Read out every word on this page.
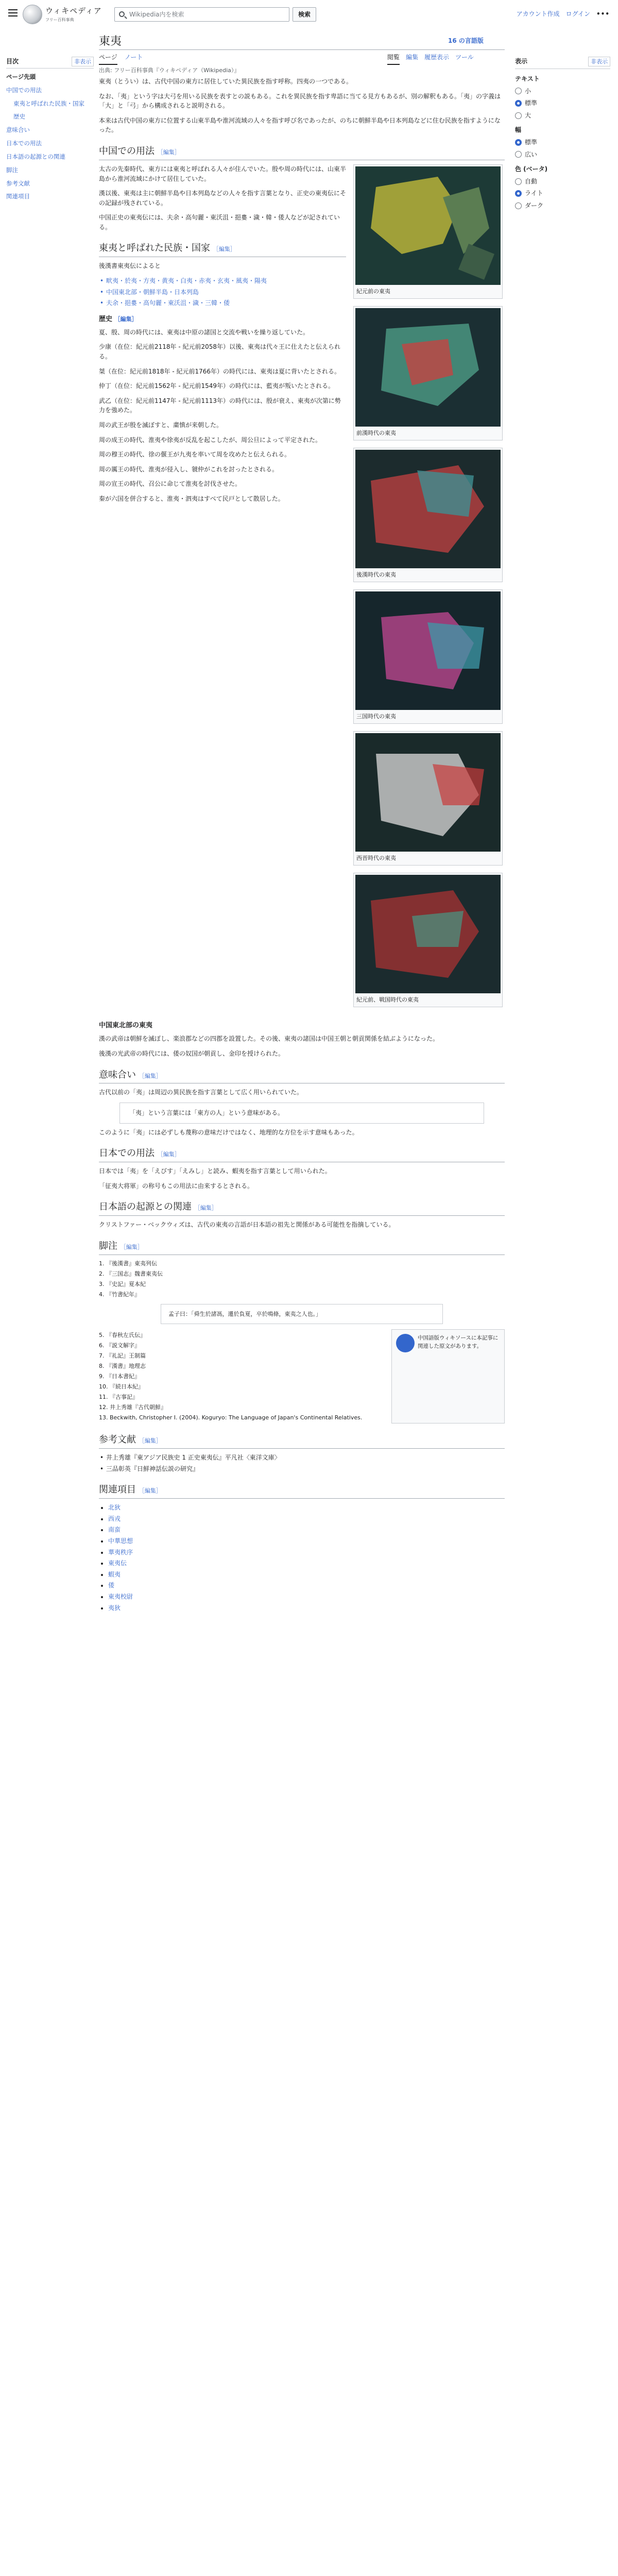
ウィキペディア
フリー百科事典
Wikipedia内を検索	検索	アカウント作成 ログイン •••
東夷	16 の言語版
ページ ノート	閲覧 編集 履歴表示 ツール
目次	非表示
ページ先頭
中国での用法
東夷と呼ばれた民族・国家
歴史
意味合い
日本での用法
日本語の起源との関連
脚注
参考文献
関連項目
表示	非表示
テキスト
小
標準
大
幅
標準
広い
色 (ベータ)
自動
ライト
ダーク
出典: フリー百科事典『ウィキペディア（Wikipedia）』

東夷（とうい）は、古代中国の東方に居住していた異民族を指す呼称。四夷の一つである。

なお、「夷」という字は大弓を用いる民族を表すとの説もある。これを異民族を指す卑語に当てる見方もあるが、別の解釈もある。「夷」の字義は「大」と「弓」から構成されると説明される。

本来は古代中国の東方に位置する山東半島や淮河流域の人々を指す呼び名であったが、のちに朝鮮半島や日本列島などに住む民族を指すようになった。

中国での用法 ［編集］

太古の先秦時代、東方には東夷と呼ばれる人々が住んでいた。殷や周の時代には、山東半島から淮河流域にかけて居住していた。

漢以後、東夷は主に朝鮮半島や日本列島などの人々を指す言葉となり、正史の東夷伝にその記録が残されている。

中国正史の東夷伝には、夫余・高句麗・東沃沮・挹婁・濊・韓・倭人などが記されている。

東夷と呼ばれた民族・国家 ［編集］

後漢書東夷伝によると

• 畎夷・於夷・方夷・黄夷・白夷・赤夷・玄夷・風夷・陽夷
• 中国東北部・朝鮮半島・日本列島
• 夫余・挹婁・高句麗・東沃沮・濊・三韓・倭
歴史 ［編集］

夏、殷、周の時代には、東夷は中原の諸国と交流や戦いを繰り返していた。

少康（在位：紀元前2118年 - 紀元前2058年）以後、東夷は代々王に仕えたと伝えられる。

桀（在位：紀元前1818年 - 紀元前1766年）の時代には、東夷は夏に背いたとされる。

仲丁（在位：紀元前1562年 - 紀元前1549年）の時代には、藍夷が叛いたとされる。

武乙（在位：紀元前1147年 - 紀元前1113年）の時代には、殷が衰え、東夷が次第に勢力を強めた。

周の武王が殷を滅ぼすと、粛慎が来朝した。

周の成王の時代、淮夷や徐夷が反乱を起こしたが、周公旦によって平定された。

周の穆王の時代、徐の偃王が九夷を率いて周を攻めたと伝えられる。

周の厲王の時代、淮夷が侵入し、虢仲がこれを討ったとされる。

周の宣王の時代、召公に命じて淮夷を討伐させた。

秦が六国を併合すると、淮夷・泗夷はすべて民戸として散居した。

紀元前の東夷
前漢時代の東夷
後漢時代の東夷
三国時代の東夷
西晋時代の東夷
紀元前、戦国時代の東夷
中国東北部の東夷

漢の武帝は朝鮮を滅ぼし、楽浪郡などの四郡を設置した。その後、東夷の諸国は中国王朝と朝貢関係を結ぶようになった。

後漢の光武帝の時代には、倭の奴国が朝貢し、金印を授けられた。

意味合い ［編集］

古代以前の「夷」は周辺の異民族を指す言葉として広く用いられていた。

「夷」という言葉には「東方の人」という意味がある。

このように「夷」には必ずしも蔑称の意味だけではなく、地理的な方位を示す意味もあった。

日本での用法 ［編集］

日本では「夷」を「えびす」「えみし」と読み、蝦夷を指す言葉として用いられた。

「征夷大将軍」の称号もこの用法に由来するとされる。

日本語の起源との関連 ［編集］

クリストファー・ベックウィズは、古代の東夷の言語が日本語の祖先と関係がある可能性を指摘している。

脚注 ［編集］
1. 『後漢書』東夷列伝
2. 『三国志』魏書東夷伝
3. 『史記』夏本紀
4. 『竹書紀年』
孟子曰：「舜生於諸馮，遷於負夏，卒於鳴條，東夷之人也。」
5. 『春秋左氏伝』
6. 『説文解字』
7. 『礼記』王制篇
8. 『漢書』地理志
9. 『日本書紀』
10. 『続日本紀』
11. 『古事記』
12. 井上秀雄『古代朝鮮』
13. Beckwith, Christopher I. (2004). Koguryo: The Language of Japan's Continental Relatives.
中国語版ウィキソースに本記事に関連した原文があります。
参考文献 ［編集］
• 井上秀雄『東アジア民族史 1 正史東夷伝』平凡社〈東洋文庫〉
• 三品彰英『日鮮神話伝説の研究』
関連項目 ［編集］
• 北狄
• 西戎
• 南蛮
• 中華思想
• 華夷秩序
• 東夷伝
• 蝦夷
• 倭
• 東夷校尉
• 夷狄
